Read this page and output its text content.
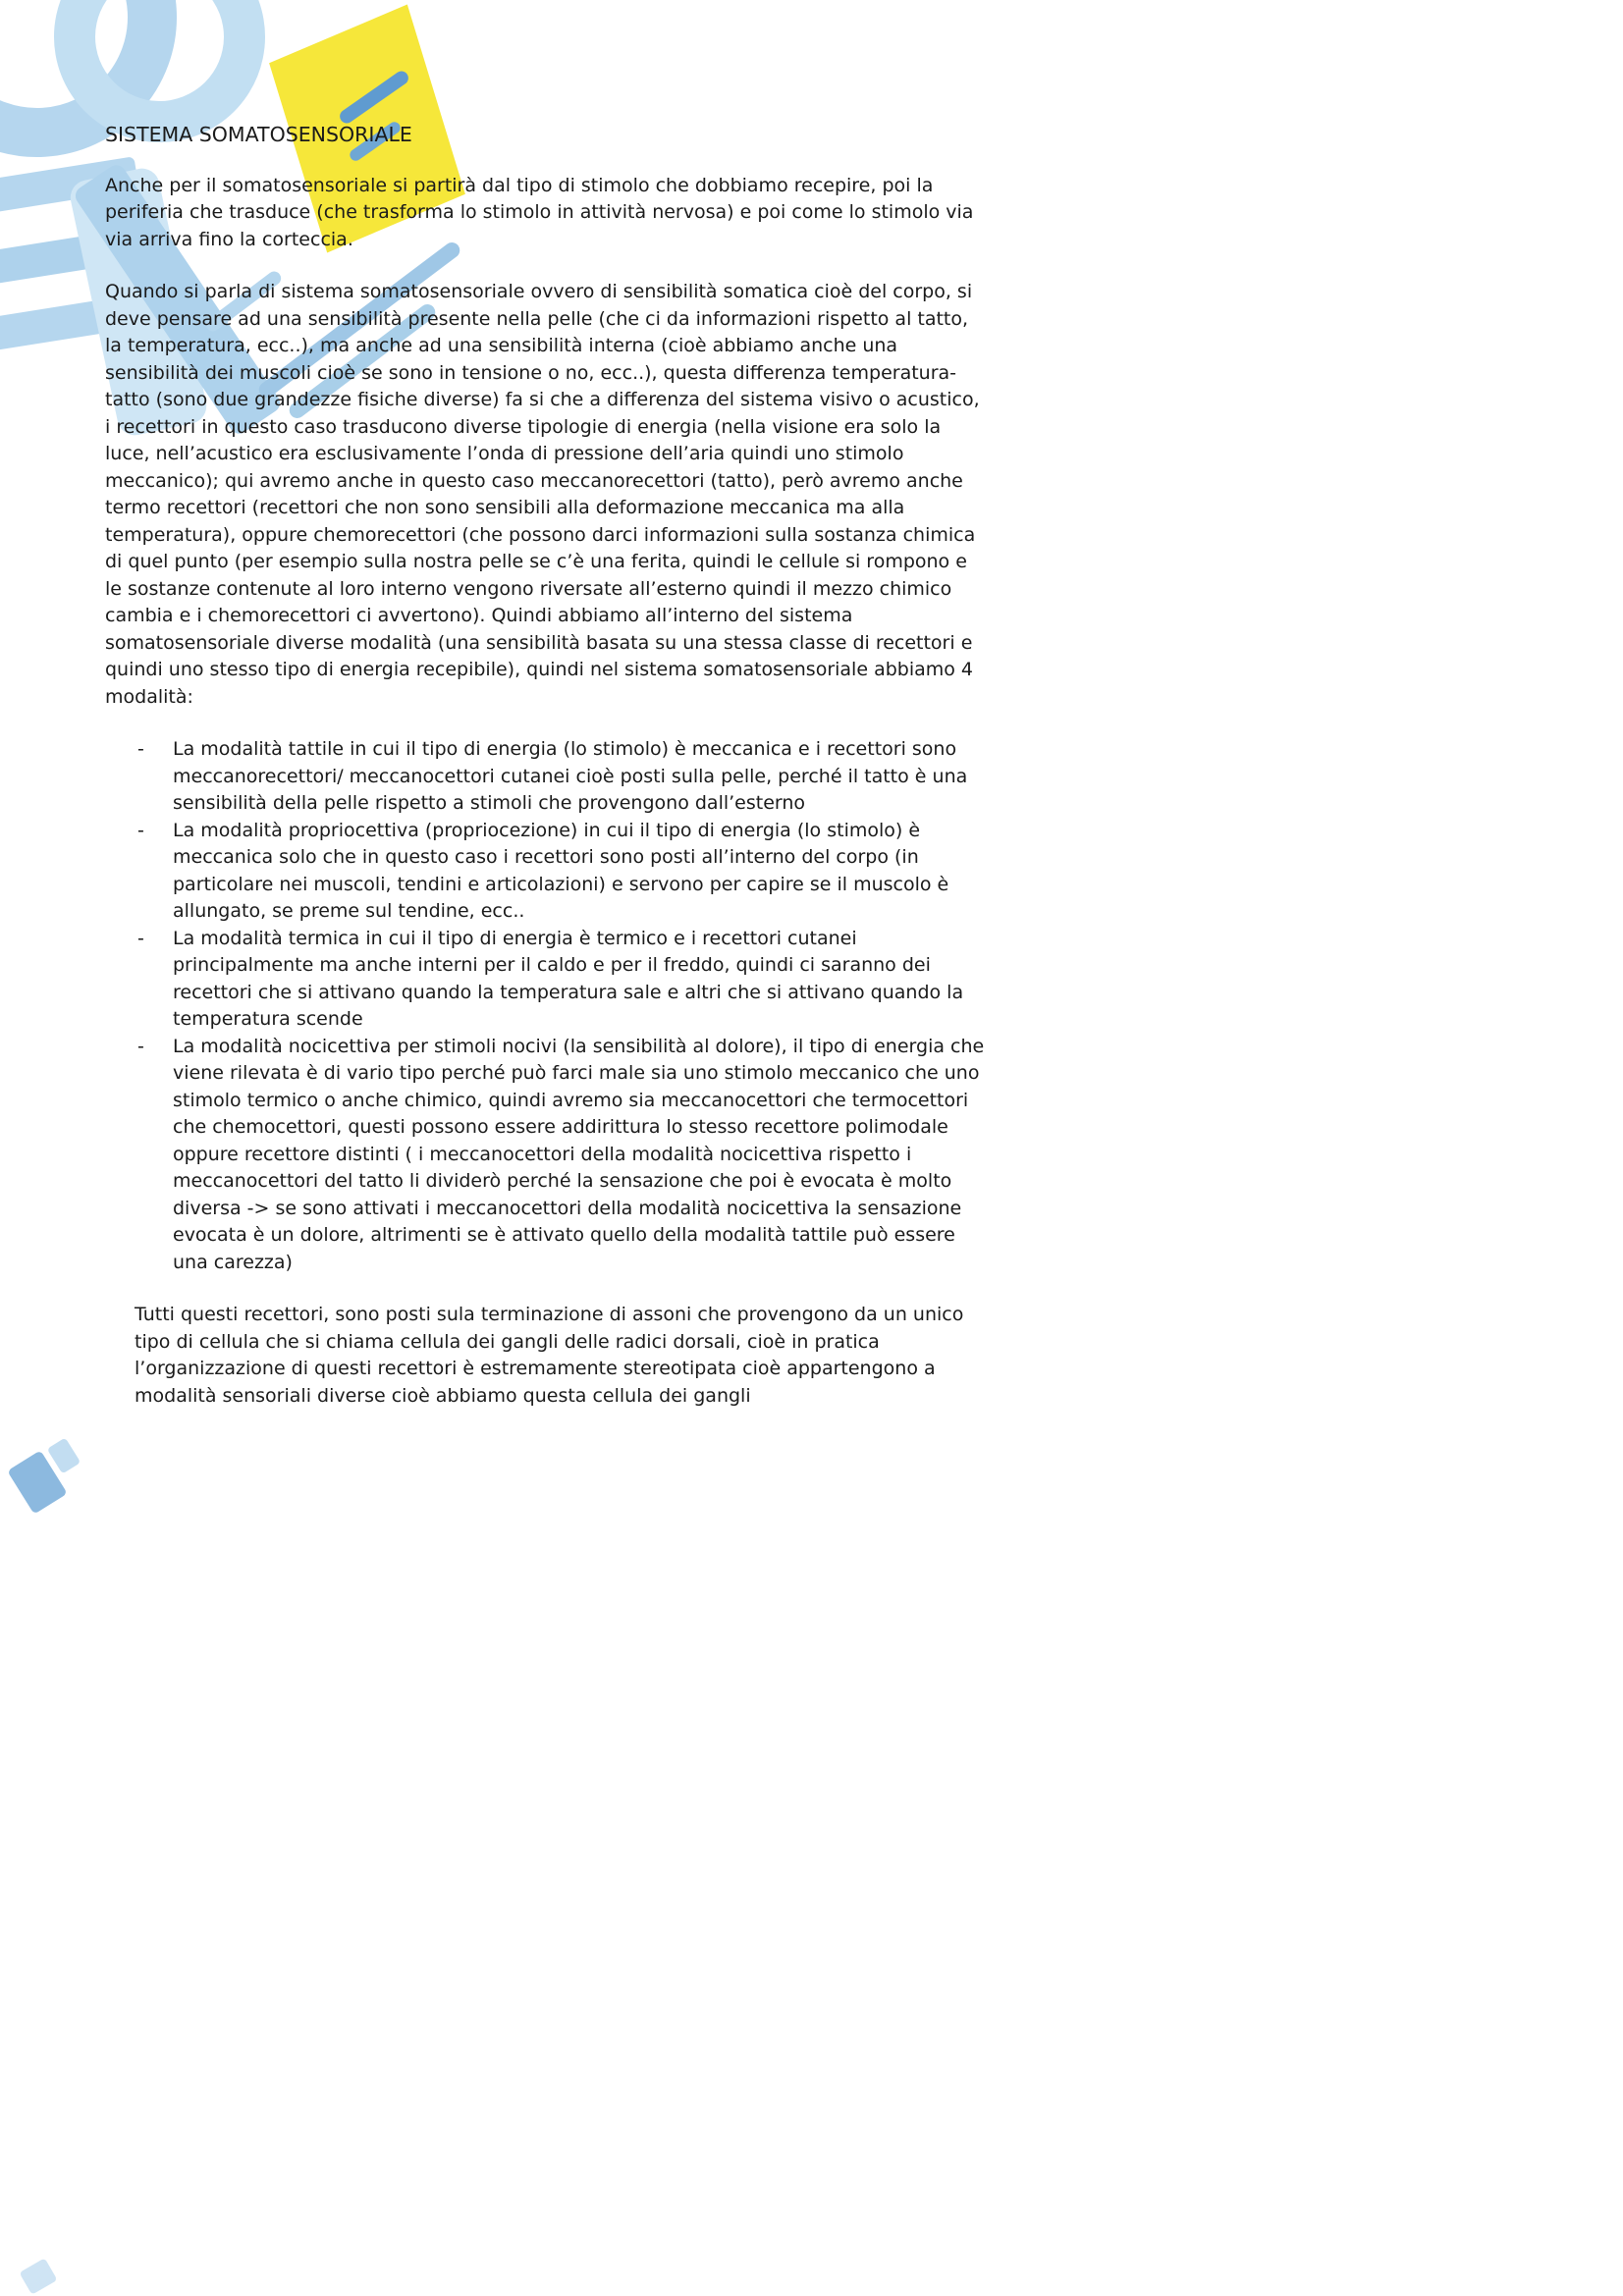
SISTEMA SOMATOSENSORIALE

Anche per il somatosensoriale si partirà dal tipo di stimolo che dobbiamo recepire, poi la periferia che trasduce (che trasforma lo stimolo in attività nervosa) e poi come lo stimolo via via arriva fino la corteccia.

Quando si parla di sistema somatosensoriale ovvero di sensibilità somatica cioè del corpo, si deve pensare ad una sensibilità presente nella pelle (che ci da informazioni rispetto al tatto, la temperatura, ecc..), ma anche ad una sensibilità interna (cioè abbiamo anche una sensibilità dei muscoli cioè se sono in tensione o no, ecc..), questa differenza temperatura-tatto (sono due grandezze fisiche diverse) fa si che a differenza del sistema visivo o acustico, i recettori in questo caso trasducono diverse tipologie di energia (nella visione era solo la luce, nell’acustico era esclusivamente l’onda di pressione dell’aria quindi uno stimolo meccanico); qui avremo anche in questo caso meccanorecettori (tatto), però avremo anche termo recettori (recettori che non sono sensibili alla deformazione meccanica ma alla temperatura), oppure chemorecettori (che possono darci informazioni sulla sostanza chimica di quel punto (per esempio sulla nostra pelle se c’è una ferita, quindi le cellule si rompono e le sostanze contenute al loro interno vengono riversate all’esterno quindi il mezzo chimico cambia e i chemorecettori ci avvertono). Quindi abbiamo all’interno del sistema somatosensoriale diverse modalità (una sensibilità basata su una stessa classe di recettori e quindi uno stesso tipo di energia recepibile), quindi nel sistema somatosensoriale abbiamo 4 modalità:

-	La modalità tattile in cui il tipo di energia (lo stimolo) è meccanica e i recettori sono meccanorecettori/ meccanocettori cutanei cioè posti sulla pelle, perché il tatto è una sensibilità della pelle rispetto a stimoli che provengono dall’esterno
-	La modalità propriocettiva (propriocezione) in cui il tipo di energia (lo stimolo) è meccanica solo che in questo caso i recettori sono posti all’interno del corpo (in particolare nei muscoli, tendini e articolazioni) e servono per capire se il muscolo è allungato, se preme sul tendine, ecc..
-	La modalità termica in cui il tipo di energia è termico e i recettori cutanei principalmente ma anche interni per il caldo e per il freddo, quindi ci saranno dei recettori che si attivano quando la temperatura sale e altri che si attivano quando la temperatura scende
-	La modalità nocicettiva per stimoli nocivi (la sensibilità al dolore), il tipo di energia che viene rilevata è di vario tipo perché può farci male sia uno stimolo meccanico che uno stimolo termico o anche chimico, quindi avremo sia meccanocettori che termocettori che chemocettori, questi possono essere addirittura lo stesso recettore polimodale oppure recettore distinti ( i meccanocettori della modalità nocicettiva rispetto i meccanocettori del tatto li dividerò perché la sensazione che poi è evocata è molto diversa -> se sono attivati i meccanocettori della modalità nocicettiva la sensazione evocata è un dolore, altrimenti se è attivato quello della modalità tattile può essere una carezza)

Tutti questi recettori, sono posti sula terminazione di assoni che provengono da un unico tipo di cellula che si chiama cellula dei gangli delle radici dorsali, cioè in pratica l’organizzazione di questi recettori è estremamente stereotipata cioè appartengono a modalità sensoriali diverse cioè abbiamo questa cellula dei gangli
